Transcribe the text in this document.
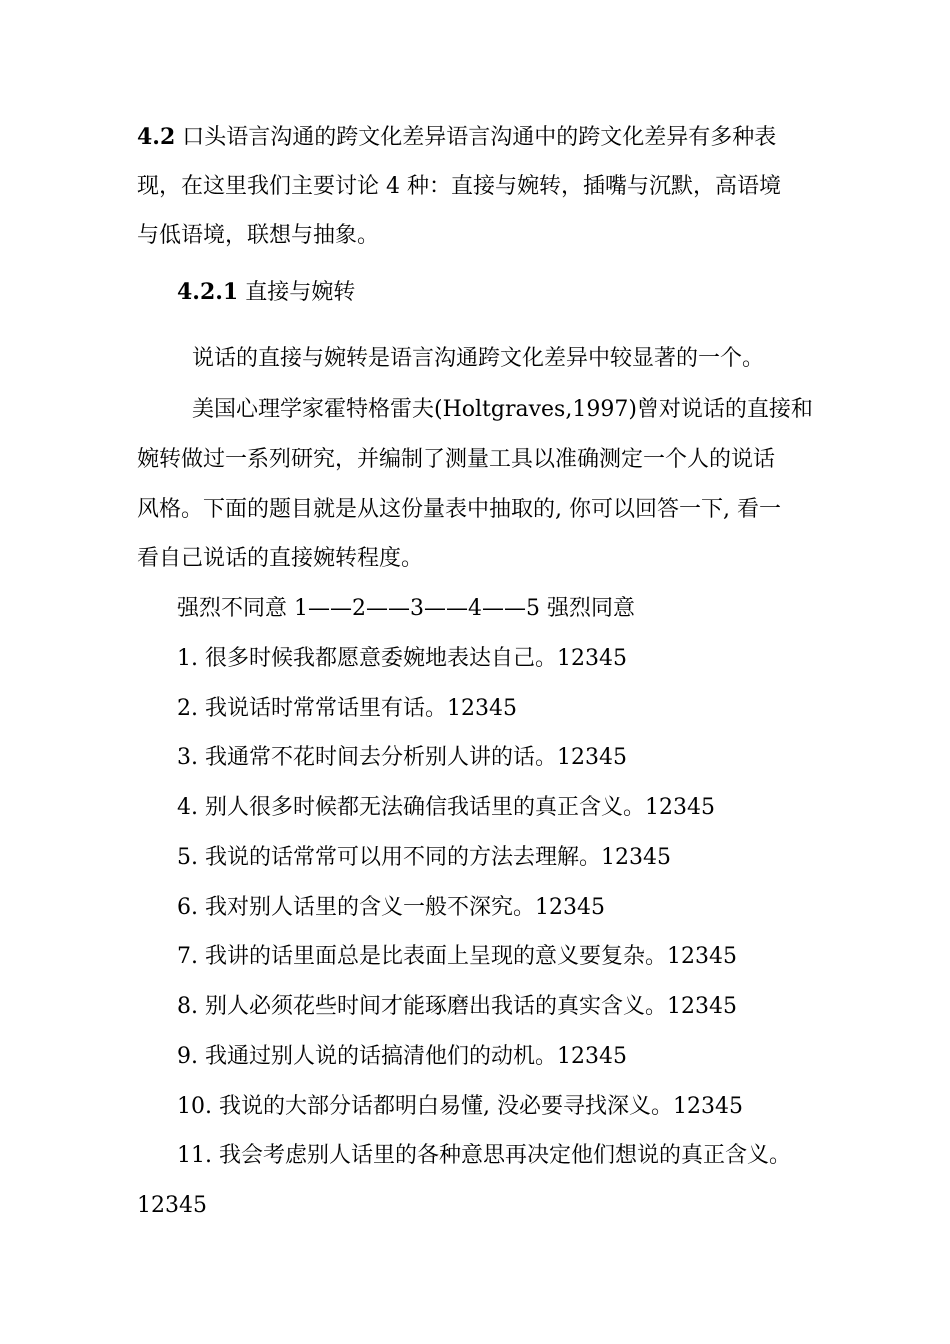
4.2 口头语言沟通的跨文化差异语言沟通中的跨文化差异有多种表
现，在这里我们主要讨论 4 种：直接与婉转，插嘴与沉默，高语境
与低语境，联想与抽象。
4.2.1 直接与婉转
说话的直接与婉转是语言沟通跨文化差异中较显著的一个。
美国心理学家霍特格雷夫(Holtgraves,1997)曾对说话的直接和
婉转做过一系列研究，并编制了测量工具以准确测定一个人的说话
风格。下面的题目就是从这份量表中抽取的, 你可以回答一下, 看一
看自己说话的直接婉转程度。
强烈不同意 1——2——3——4——5 强烈同意
1. 很多时候我都愿意委婉地表达自己。12345
2. 我说话时常常话里有话。12345
3. 我通常不花时间去分析别人讲的话。12345
4. 别人很多时候都无法确信我话里的真正含义。12345
5. 我说的话常常可以用不同的方法去理解。12345
6. 我对别人话里的含义一般不深究。12345
7. 我讲的话里面总是比表面上呈现的意义要复杂。12345
8. 别人必须花些时间才能琢磨出我话的真实含义。12345
9. 我通过别人说的话搞清他们的动机。12345
10. 我说的大部分话都明白易懂, 没必要寻找深义。12345
11. 我会考虑别人话里的各种意思再决定他们想说的真正含义。
12345
